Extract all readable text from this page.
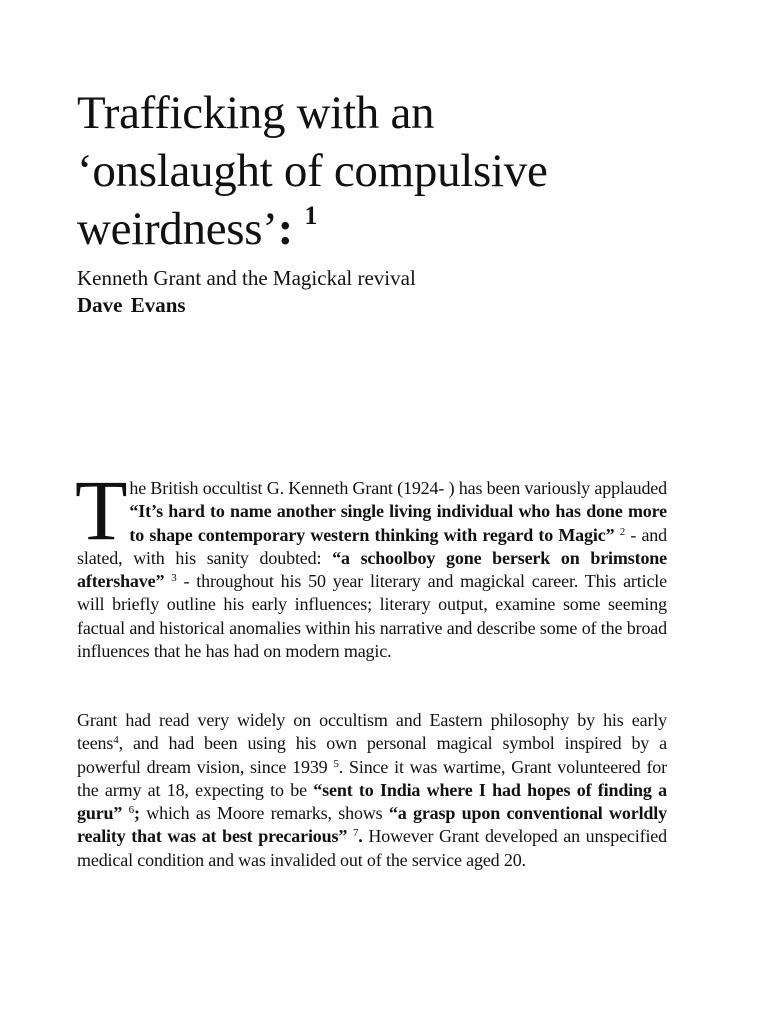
Trafficking with an
‘onslaught of compulsive
weirdness’: $^1$
Kenneth Grant and the Magickal revival
Dave Evans
The British occultist G. Kenneth Grant (1924- ) has been variously applauded “It’s hard to name another single living individual who has done more to shape contemporary western thinking with regard to Magic” $^2$ - and slated, with his sanity doubted: “a schoolboy gone berserk on brimstone aftershave” $^3$ - throughout his 50 year literary and magickal career. This article will briefly outline his early influences; literary output, examine some seeming factual and historical anomalies within his narrative and describe some of the broad influences that he has had on modern magic.
Grant had read very widely on occultism and Eastern philosophy by his early teens$^4$, and had been using his own personal magical symbol inspired by a powerful dream vision, since 1939 $^5$. Since it was wartime, Grant volunteered for the army at 18, expecting to be “sent to India where I had hopes of finding a guru” $^6$; which as Moore remarks, shows “a grasp upon conventional worldly reality that was at best precarious” $^7$. However Grant developed an unspecified medical condition and was invalided out of the service aged 20.
